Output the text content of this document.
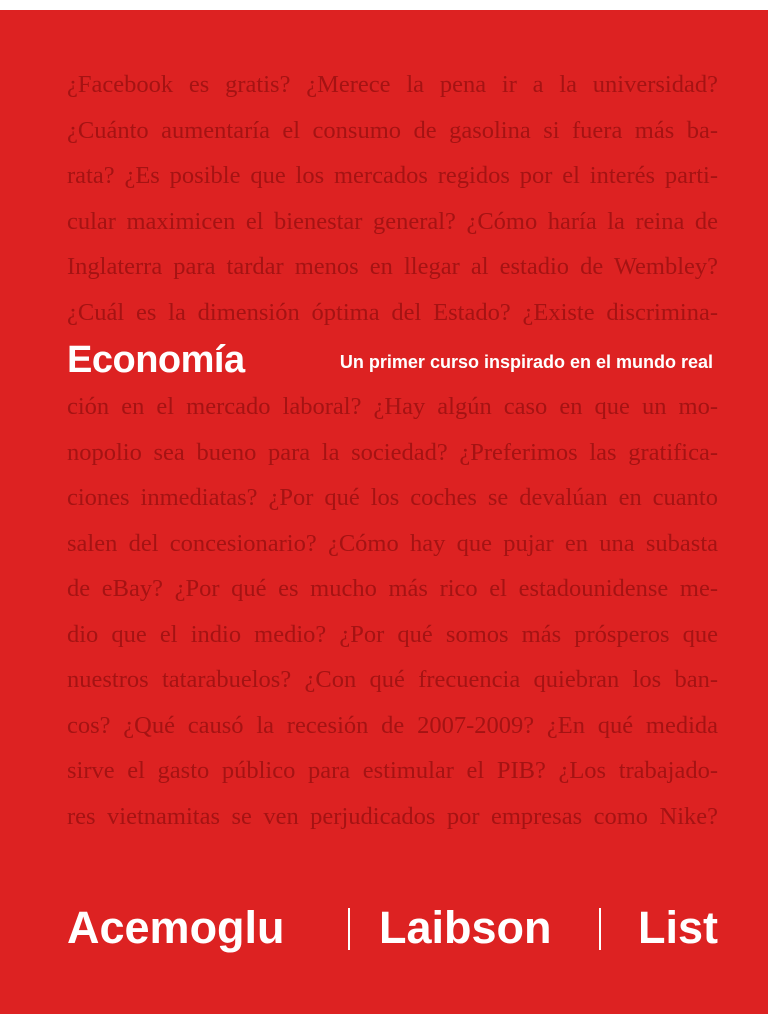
¿Facebook es gratis? ¿Merece la pena ir a la universidad?
¿Cuánto aumentaría el consumo de gasolina si fuera más ba-
rata? ¿Es posible que los mercados regidos por el interés parti-
cular maximicen el bienestar general? ¿Cómo haría la reina de
Inglaterra para tardar menos en llegar al estadio de Wembley?
¿Cuál es la dimensión óptima del Estado? ¿Existe discrimina-
Economía	Un primer curso inspirado en el mundo real
ción en el mercado laboral? ¿Hay algún caso en que un mo-
nopolio sea bueno para la sociedad? ¿Preferimos las gratifica-
ciones inmediatas? ¿Por qué los coches se devalúan en cuanto
salen del concesionario? ¿Cómo hay que pujar en una subasta
de eBay? ¿Por qué es mucho más rico el estadounidense me-
dio que el indio medio? ¿Por qué somos más prósperos que
nuestros tatarabuelos? ¿Con qué frecuencia quiebran los ban-
cos? ¿Qué causó la recesión de 2007-2009? ¿En qué medida
sirve el gasto público para estimular el PIB? ¿Los trabajado-
res vietnamitas se ven perjudicados por empresas como Nike?
Acemoglu Laibson List
